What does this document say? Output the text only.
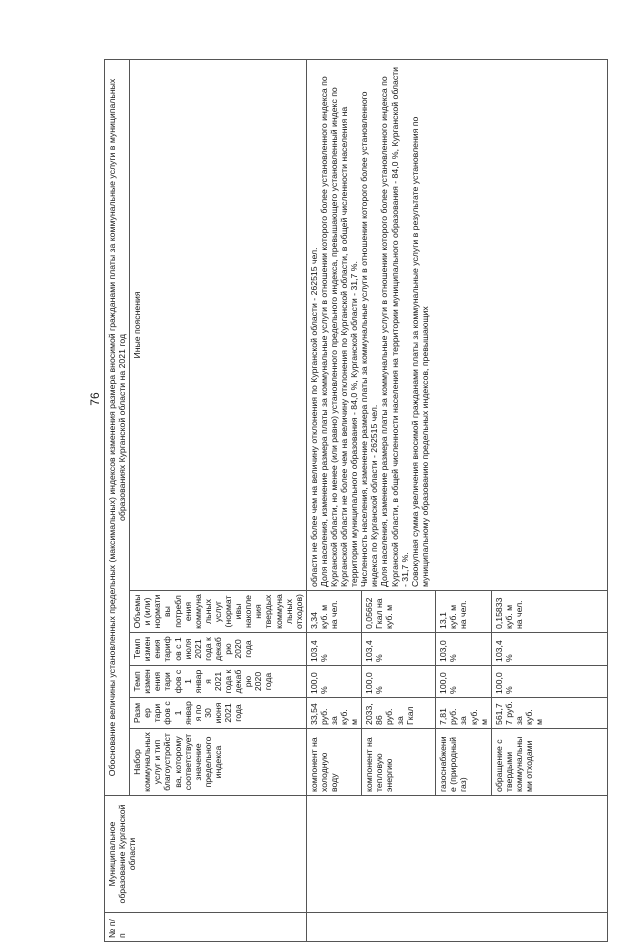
76
№ п/п	Муниципальное образование Курганской области	Обоснование величины установленных предельных (максимальных) индексов изменения размера вносимой гражданами платы за коммунальные услуги в муниципальных образованиях Курганской области на 2021 год					
		Набор коммунальных услуг и тип благоустройства, которому соответствует значение предельного индекса	Размер тарифов с 1 января по 30 июня 2021 года	Темп изменения тарифов с 1 января 2021 года к декабрю 2020 года	Темп изменения тарифов с 1 июля 2021 года к декабрю 2020 года	Объемы и (или) нормативы потребления коммунальных услуг (нормативы накопления твердых коммунальных отходов)	Иные пояснения
		компонент на холодную воду	33,54 руб. за куб. м	100,0 %	103,4 %	3,34 куб. м на чел.	области не более чем на величину отклонения по Курганской области - 262515 чел.
Доля населения, изменение размера платы за коммунальные услуги в отношении которого более установленного индекса по Курганской области, но менее (или равно) установленного предельного индекса, превышающего установленный индекс по Курганской области не более чем на величину отклонения по Курганской области, в общей численности населения на территории муниципального образования - 84,0 %, Курганской области - 31,7 %.
Численность населения, изменение размера платы за коммунальные услуги в отношении которого более установленного индекса по Курганской области - 262515 чел.
Доля населения, изменение размера платы за коммунальные услуги в отношении которого более установленного индекса по Курганской области, в общей численности населения на территории муниципального образования - 84,0 %, Курганской области - 31,7 %.
Совокупная сумма увеличения вносимой гражданами платы за коммунальные услуги в результате установления по муниципальному образованию предельных индексов, превышающих

		компонент на тепловую энергию	2033,86 руб. за Гкал	100,0 %	103,4 %	0,05652 Гкал на куб. м	
		газоснабжение (природный газ)	7,81 руб. за куб. м	100,0 %	103,0 %	13,1 куб. м на чел.	
		обращение с твердыми коммунальными отходами	561,77 руб. за куб. м	100,0 %	103,4 %	0,15833 куб. м на чел.	
